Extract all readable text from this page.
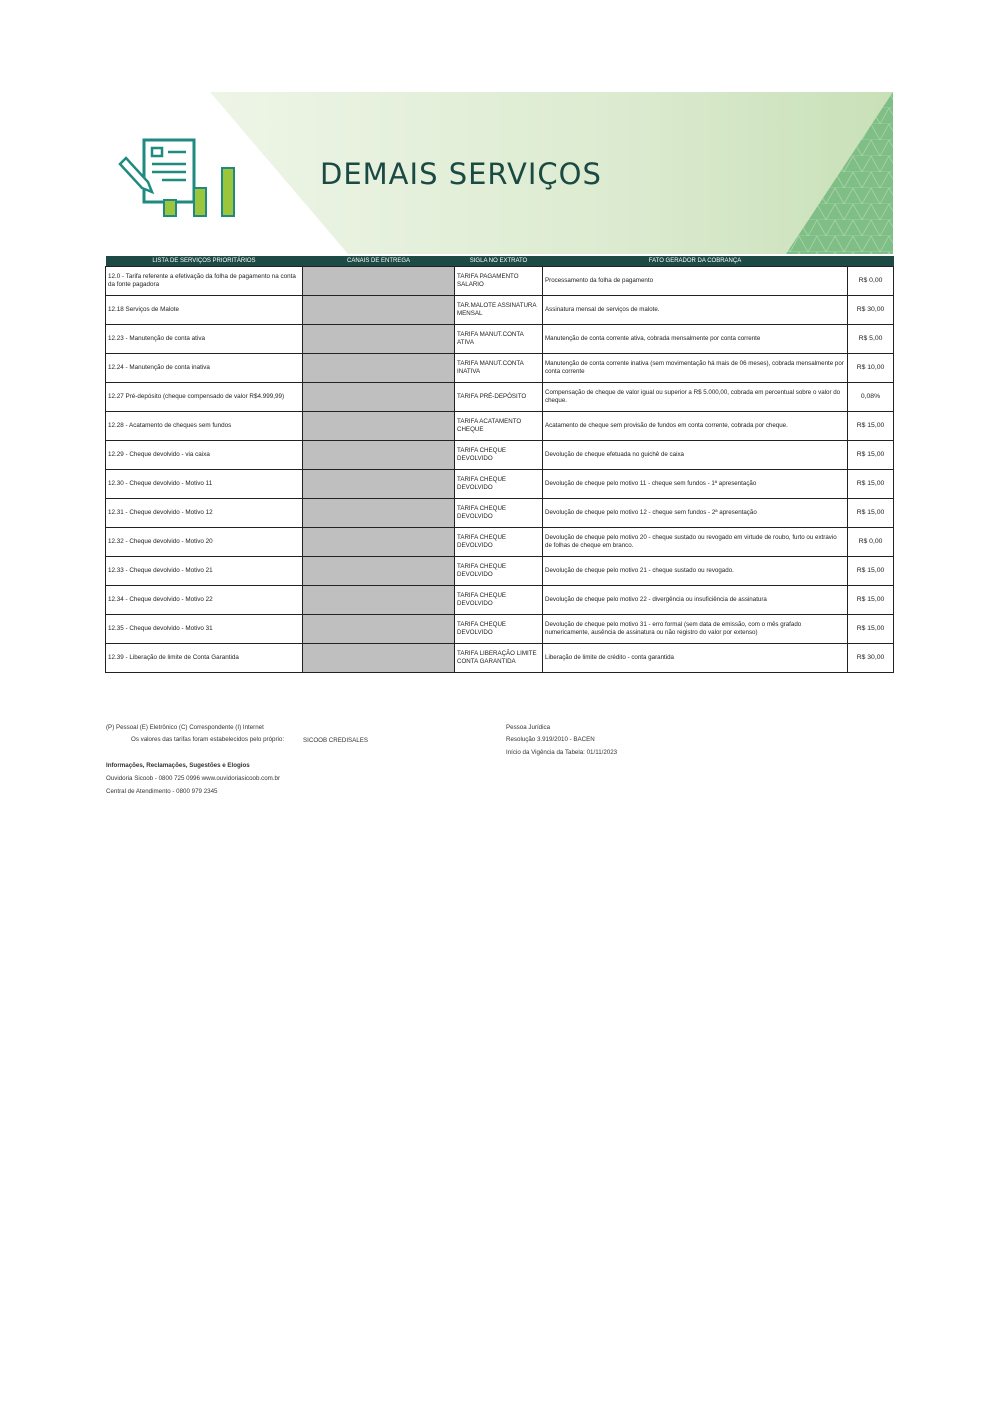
DEMAIS SERVIÇOS
LISTA DE SERVIÇOS PRIORITÁRIOS	CANAIS DE ENTREGA	SIGLA NO EXTRATO	FATO GERADOR DA COBRANÇA	
12.0 - Tarifa referente a efetivação da folha de pagamento na conta da fonte pagadora		TARIFA PAGAMENTO SALARIO	Processamento da folha de pagamento	R$ 0,00
12.18 Serviços de Malote		TAR.MALOTE ASSINATURA MENSAL	Assinatura mensal de serviços de malote.	R$ 30,00
12.23 - Manutenção de conta ativa		TARIFA MANUT.CONTA ATIVA	Manutenção de conta corrente ativa, cobrada mensalmente por conta corrente	R$ 5,00
12.24 - Manutenção de conta inativa		TARIFA MANUT.CONTA INATIVA	Manutenção de conta corrente inativa (sem movimentação há mais de 06 meses), cobrada mensalmente por conta corrente	R$ 10,00
12.27 Pré-depósito (cheque compensado de valor R$4.999,99)		TARIFA PRÉ-DEPÓSITO	Compensação de cheque de valor igual ou superior a R$ 5.000,00, cobrada em percentual sobre o valor do cheque.	0,08%
12.28 - Acatamento de cheques sem fundos		TARIFA ACATAMENTO CHEQUE	Acatamento de cheque sem provisão de fundos em conta corrente, cobrada por cheque.	R$ 15,00
12.29 - Cheque devolvido - via caixa		TARIFA CHEQUE DEVOLVIDO	Devolução de cheque efetuada no guichê de caixa	R$ 15,00
12.30 - Cheque devolvido - Motivo 11		TARIFA CHEQUE DEVOLVIDO	Devolução de cheque pelo motivo 11 - cheque sem fundos - 1ª apresentação	R$ 15,00
12.31 - Cheque devolvido - Motivo 12		TARIFA CHEQUE DEVOLVIDO	Devolução de cheque pelo motivo 12 - cheque sem fundos - 2ª apresentação	R$ 15,00
12.32 - Cheque devolvido - Motivo 20		TARIFA CHEQUE DEVOLVIDO	Devolução de cheque pelo motivo 20 - cheque sustado ou revogado em virtude de roubo, furto ou extravio de folhas de cheque em branco.	R$ 0,00
12.33 - Cheque devolvido - Motivo 21		TARIFA CHEQUE DEVOLVIDO	Devolução de cheque pelo motivo 21 - cheque sustado ou revogado.	R$ 15,00
12.34 - Cheque devolvido - Motivo 22		TARIFA CHEQUE DEVOLVIDO	Devolução de cheque pelo motivo 22 - divergência ou insuficiência de assinatura	R$ 15,00
12.35 - Cheque devolvido - Motivo 31		TARIFA CHEQUE DEVOLVIDO	Devolução de cheque pelo motivo 31 - erro formal (sem data de emissão, com o mês grafado numericamente, ausência de assinatura ou não registro do valor por extenso)	R$ 15,00
12.39 - Liberação de limite de Conta Garantida		TARIFA LIBERAÇÃO LIMITE CONTA GARANTIDA	Liberação de limite de crédito - conta garantida	R$ 30,00
(P) Pessoal (E) Eletrônico (C) Correspondente (I) Internet
Os valores das tarifas foram estabelecidos pelo próprio:	SICOOB CREDISALES
Informações, Reclamações, Sugestões e Elogios
Ouvidoria Sicoob - 0800 725 0996 www.ouvidoriasicoob.com.br
Central de Atendimento - 0800 979 2345
Pessoa Jurídica
Resolução 3.919/2010 - BACEN
Início da Vigência da Tabela: 01/11/2023
